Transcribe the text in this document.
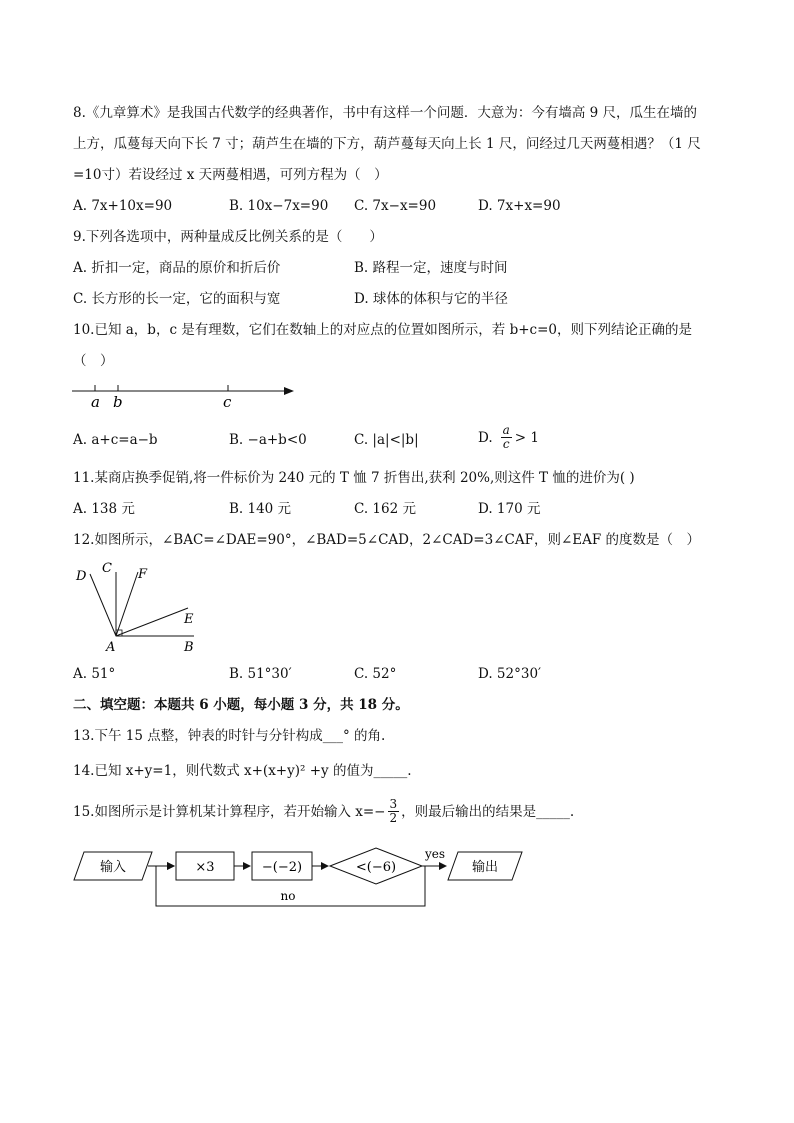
8.《九章算术》是我国古代数学的经典著作，书中有这样一个问题．大意为：今有墙高 9 尺，瓜生在墙的
上方，瓜蔓每天向下长 7 寸；葫芦生在墙的下方，葫芦蔓每天向上长 1 尺，问经过几天两蔓相遇？（1 尺
=10寸）若设经过 x 天两蔓相遇，可列方程为（　）
A. 7x+10x=90	B. 10x−7x=90 C. 7x−x=90	D. 7x+x=90
9.下列各选项中，两种量成反比例关系的是（　　）
A. 折扣一定，商品的原价和折后价	B. 路程一定，速度与时间
C. 长方形的长一定，它的面积与宽	D. 球体的体积与它的半径
10.已知 a，b，c 是有理数，它们在数轴上的对应点的位置如图所示，若 b+c=0，则下列结论正确的是
（　）
a b	c
A. a+c=a−b	B. −a+b<0	C. |a|<|b|	D. $\frac{a}{c} > 1$
11.某商店换季促销,将一件标价为 240 元的 T 恤 7 折售出,获利 20%,则这件 T 恤的进价为( )
A. 138 元	B. 140 元	C. 162 元	D. 170 元
12.如图所示，∠BAC=∠DAE=90°，∠BAD=5∠CAD，2∠CAD=3∠CAF，则∠EAF 的度数是（　）
D
C F
E
A	B
A. 51°	B. 51°30′	C. 52°	D. 52°30′
二、填空题：本题共 6 小题，每小题 3 分，共 18 分。
13.下午 15 点整，钟表的时针与分针构成___° 的角.
14.已知 x+y=1，则代数式 x+(x+y)² +y 的值为_____.
15.如图所示是计算机某计算程序，若开始输入 $x=- \frac{3}{2}$ ，则最后输出的结果是_____.
输入	×3	−(−2)	<(−6)
yes
输出
no
